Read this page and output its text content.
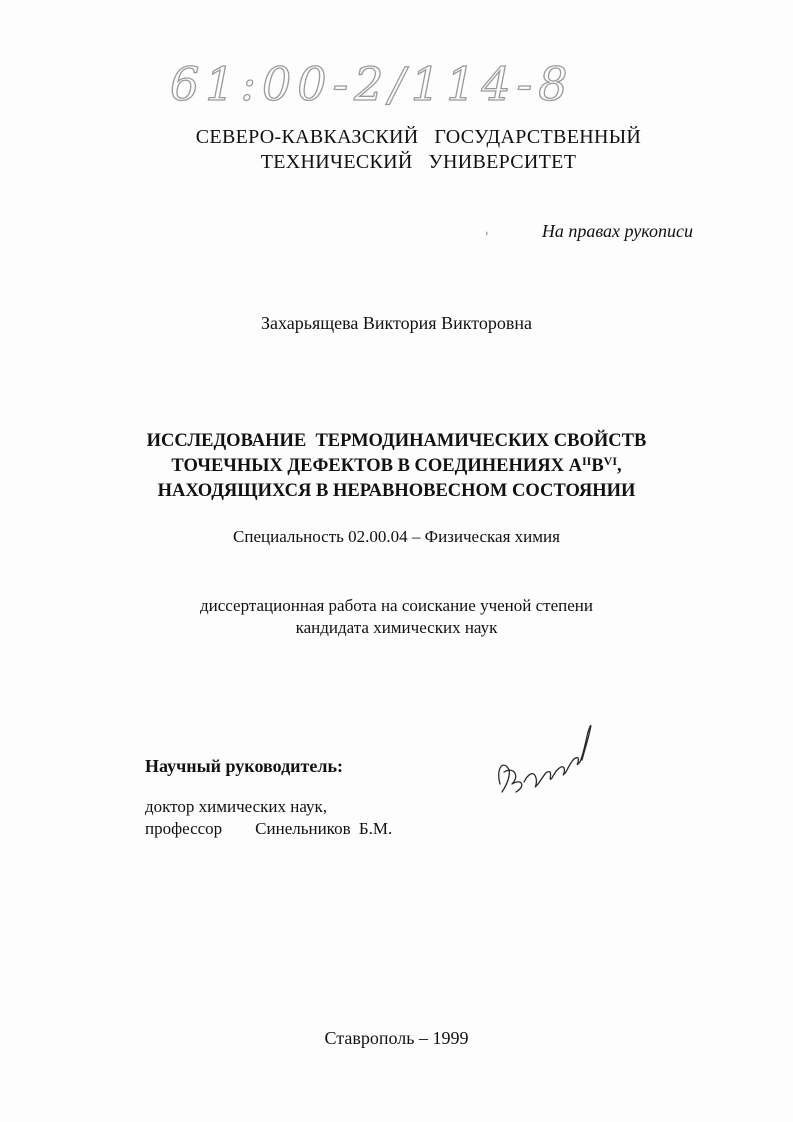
61:00-2/114-8
СЕВЕРО-КАВКАЗСКИЙ   ГОСУДАРСТВЕННЫЙ
ТЕХНИЧЕСКИЙ   УНИВЕРСИТЕТ
›	На правах рукописи
Захарьящева Виктория Викторовна
ИССЛЕДОВАНИЕ  ТЕРМОДИНАМИЧЕСКИХ СВОЙСТВ
ТОЧЕЧНЫХ ДЕФЕКТОВ В СОЕДИНЕНИЯХ $A^{II}B^{VI}$,
НАХОДЯЩИХСЯ В НЕРАВНОВЕСНОМ СОСТОЯНИИ
Специальность 02.00.04 – Физическая химия
диссертационная работа на соискание ученой степени
кандидата химических наук
Научный руководитель:
доктор химических наук,
профессор    Синельников Б.М.
Ставрополь – 1999
